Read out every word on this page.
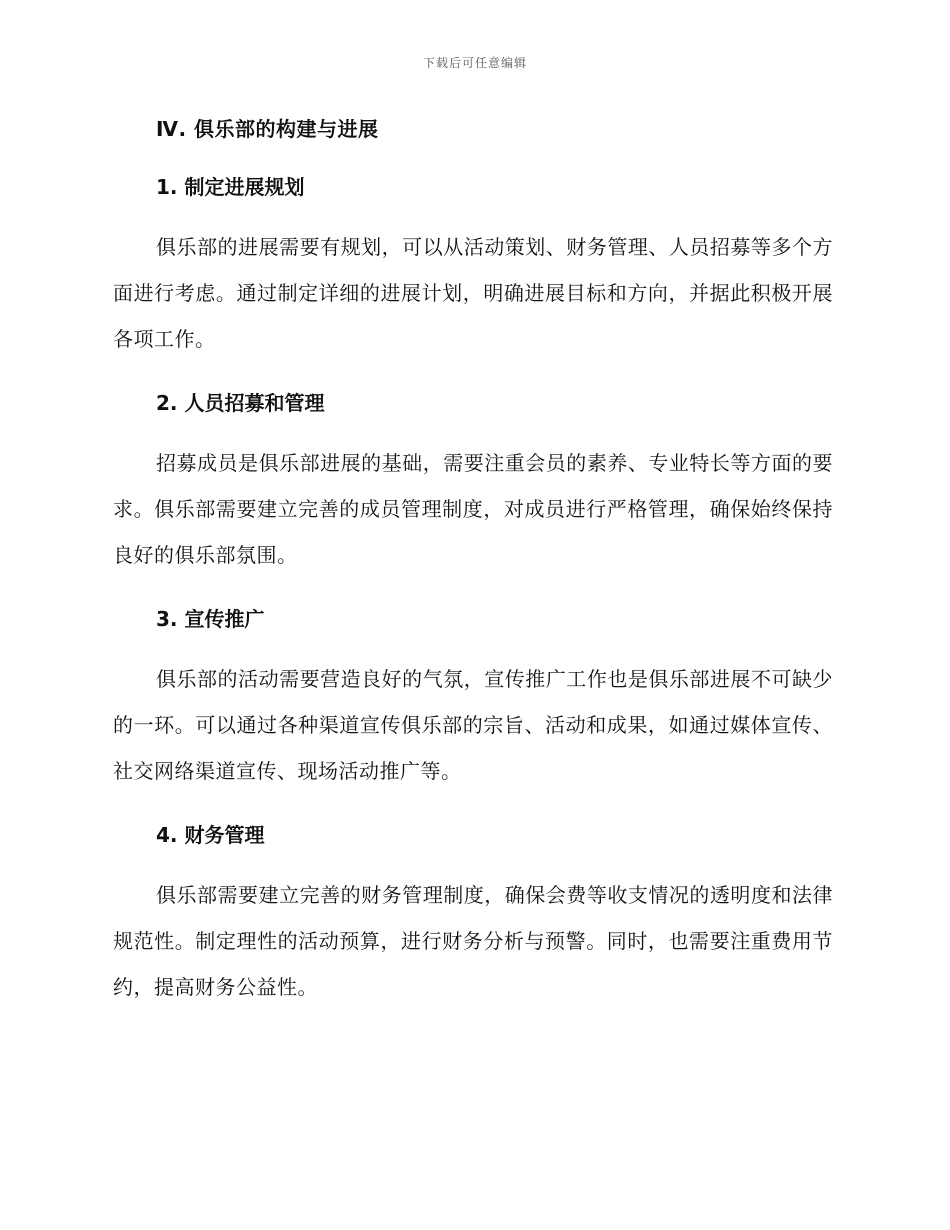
下载后可任意编辑
Ⅳ. 俱乐部的构建与进展
1. 制定进展规划

俱乐部的进展需要有规划，可以从活动策划、财务管理、人员招募等多个方面进行考虑。通过制定详细的进展计划，明确进展目标和方向，并据此积极开展各项工作。

2. 人员招募和管理

招募成员是俱乐部进展的基础，需要注重会员的素养、专业特长等方面的要求。俱乐部需要建立完善的成员管理制度，对成员进行严格管理，确保始终保持良好的俱乐部氛围。

3. 宣传推广

俱乐部的活动需要营造良好的气氛，宣传推广工作也是俱乐部进展不可缺少的一环。可以通过各种渠道宣传俱乐部的宗旨、活动和成果，如通过媒体宣传、社交网络渠道宣传、现场活动推广等。

4. 财务管理

俱乐部需要建立完善的财务管理制度，确保会费等收支情况的透明度和法律规范性。制定理性的活动预算，进行财务分析与预警。同时，也需要注重费用节约，提高财务公益性。
